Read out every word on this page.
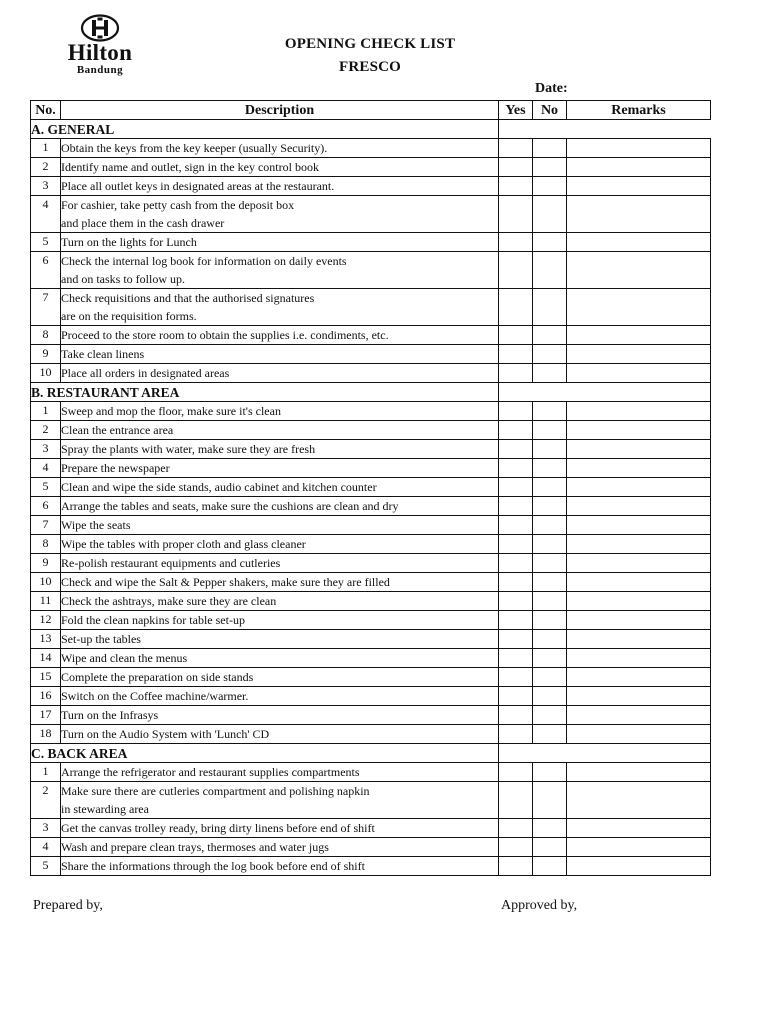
Hilton
Bandung
OPENING CHECK LIST
FRESCO
Date:
No.	Description	Yes	No	Remarks
A. GENERAL				
1	Obtain the keys from the key keeper (usually Security).			

2	Identify name and outlet, sign in the key control book			

3	Place all outlet keys in designated areas at the restaurant.			

4	For cashier, take petty cash from the deposit box
and place them in the cash drawer			

5	Turn on the lights for Lunch			

6	Check the internal log book for information on daily events
and on tasks to follow up.			

7	Check requisitions and that the authorised signatures
are on the requisition forms.			

8	Proceed to the store room to obtain the supplies i.e. condiments, etc.			

9	Take clean linens			

10	Place all orders in designated areas			

B. RESTAURANT AREA				
1	Sweep and mop the floor, make sure it's clean			

2	Clean the entrance area			

3	Spray the plants with water, make sure they are fresh			

4	Prepare the newspaper			

5	Clean and wipe the side stands, audio cabinet and kitchen counter			

6	Arrange the tables and seats, make sure the cushions are clean and dry			

7	Wipe the seats			

8	Wipe the tables with proper cloth and glass cleaner			

9	Re-polish restaurant equipments and cutleries			

10	Check and wipe the Salt & Pepper shakers, make sure they are filled			

11	Check the ashtrays, make sure they are clean			

12	Fold the clean napkins for table set-up			

13	Set-up the tables			

14	Wipe and clean the menus			

15	Complete the preparation on side stands			

16	Switch on the Coffee machine/warmer.			

17	Turn on the Infrasys			

18	Turn on the Audio System with 'Lunch' CD			

C. BACK AREA				
1	Arrange the refrigerator and restaurant supplies compartments			

2	Make sure there are cutleries compartment and polishing napkin
in stewarding area			

3	Get the canvas trolley ready, bring dirty linens before end of shift			

4	Wash and prepare clean trays, thermoses and water jugs			

5	Share the informations through the log book before end of shift			

Prepared by,	Approved by,
